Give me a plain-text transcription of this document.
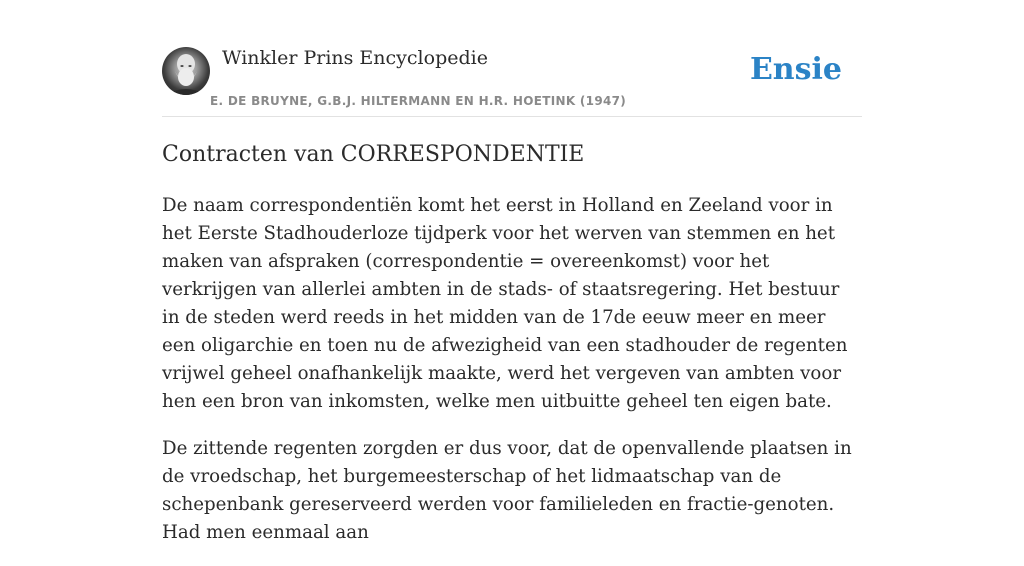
Winkler Prins Encyclopedie
E. DE BRUYNE, G.B.J. HILTERMANN EN H.R. HOETINK (1947)
Ensie
Contracten van CORRESPONDENTIE

De naam correspondentiën komt het eerst in Holland en Zeeland voor in het Eerste Stadhouderloze tijdperk voor het werven van stemmen en het maken van afspraken (correspondentie = overeenkomst) voor het verkrijgen van allerlei ambten in de stads- of staatsregering. Het bestuur in de steden werd reeds in het midden van de 17de eeuw meer en meer een oligarchie en toen nu de afwezigheid van een stadhouder de regenten vrijwel geheel onafhankelijk maakte, werd het vergeven van ambten voor hen een bron van inkomsten, welke men uitbuitte geheel ten eigen bate.

De zittende regenten zorgden er dus voor, dat de openvallende plaatsen in de vroedschap, het burgemeesterschap of het lidmaatschap van de schepenbank gereserveerd werden voor familieleden en fractie-genoten. Had men eenmaal aan
